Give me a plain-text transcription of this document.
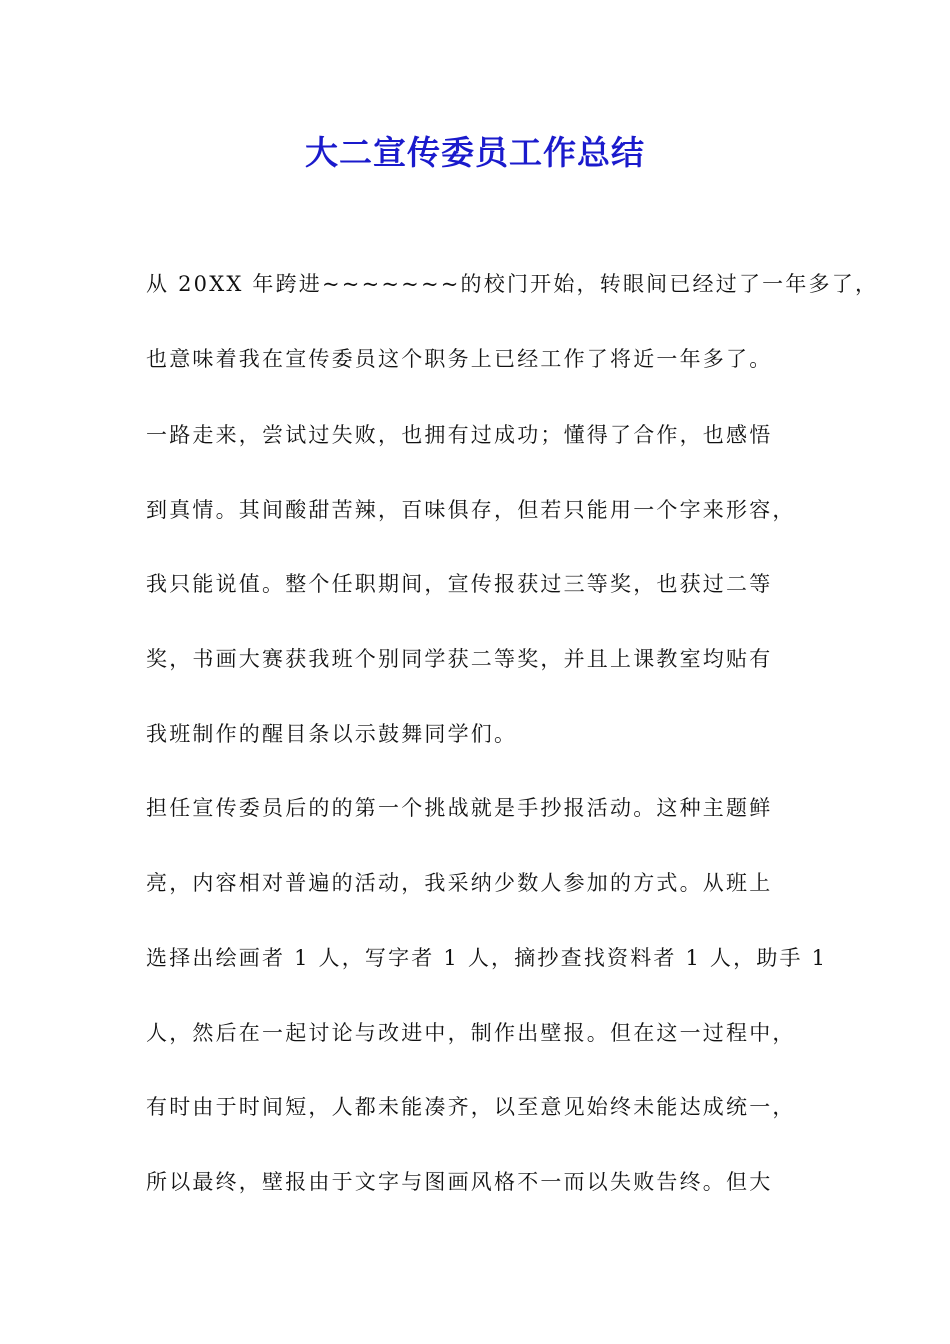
大二宣传委员工作总结
从 20XX 年跨进~~~~~~~的校门开始，转眼间已经过了一年多了，
也意味着我在宣传委员这个职务上已经工作了将近一年多了。
一路走来，尝试过失败，也拥有过成功；懂得了合作，也感悟
到真情。其间酸甜苦辣，百味俱存，但若只能用一个字来形容，
我只能说值。整个任职期间，宣传报获过三等奖，也获过二等
奖，书画大赛获我班个别同学获二等奖，并且上课教室均贴有
我班制作的醒目条以示鼓舞同学们。
担任宣传委员后的的第一个挑战就是手抄报活动。这种主题鲜
亮，内容相对普遍的活动，我采纳少数人参加的方式。从班上
选择出绘画者 1 人，写字者 1 人，摘抄查找资料者 1 人，助手 1
人，然后在一起讨论与改进中，制作出壁报。但在这一过程中，
有时由于时间短，人都未能凑齐，以至意见始终未能达成统一，
所以最终，壁报由于文字与图画风格不一而以失败告终。但大
